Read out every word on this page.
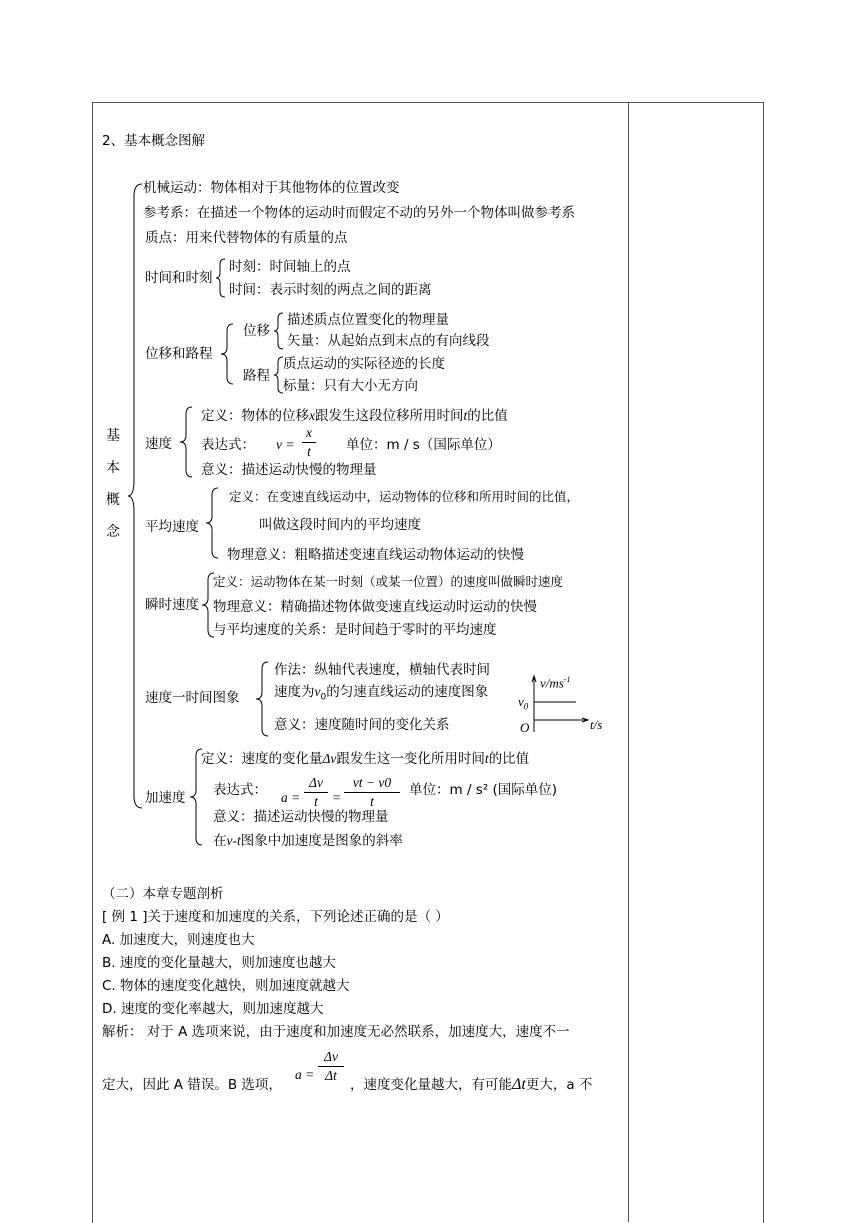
2、基本概念图解
基
本
概
念
机械运动：物体相对于其他物体的位置改变
参考系：在描述一个物体的运动时而假定不动的另外一个物体叫做参考系
质点：用来代替物体的有质量的点
时间和时刻
时刻：时间轴上的点
时间：表示时刻的两点之间的距离
位移和路程
位移
描述质点位置变化的物理量
矢量：从起始点到末点的有向线段
路程
质点运动的实际径迹的长度
标量：只有大小无方向
速度
定义：物体的位移x跟发生这段位移所用时间t的比值
表达式： v =
x
t	单位：m / s（国际单位）
意义：描述运动快慢的物理量
平均速度
定义：在变速直线运动中，运动物体的位移和所用时间的比值，
叫做这段时间内的平均速度
物理意义：粗略描述变速直线运动物体运动的快慢
瞬时速度
定义：运动物体在某一时刻（或某一位置）的速度叫做瞬时速度
物理意义：精确描述物体做变速直线运动时运动的快慢
与平均速度的关系：是时间趋于零时的平均速度
速度一时间图象
作法：纵轴代表速度，横轴代表时间
速度为$v_0$的匀速直线运动的速度图象
意义：速度随时间的变化关系
$v/ms^{-1}$
$v_0$
O	t/s
加速度
定义：速度的变化量Δv跟发生这一变化所用时间t的比值
表达式： a =
Δv
t	=
vt − v0
t
单位：m / s² (国际单位)
意义：描述运动快慢的物理量
在v-t图象中加速度是图象的斜率
（二）本章专题剖析
[ 例 1 ]关于速度和加速度的关系，下列论述正确的是（ ）
A. 加速度大，则速度也大
B. 速度的变化量越大，则加速度也越大
C. 物体的速度变化越快，则加速度就越大
D. 速度的变化率越大，则加速度越大
解析： 对于 A 选项来说，由于速度和加速度无必然联系，加速度大，速度不一
定大，因此 A 错误。B 选项，
a =
Δv
Δt
，速度变化量越大，有可能Δt更大，a 不
